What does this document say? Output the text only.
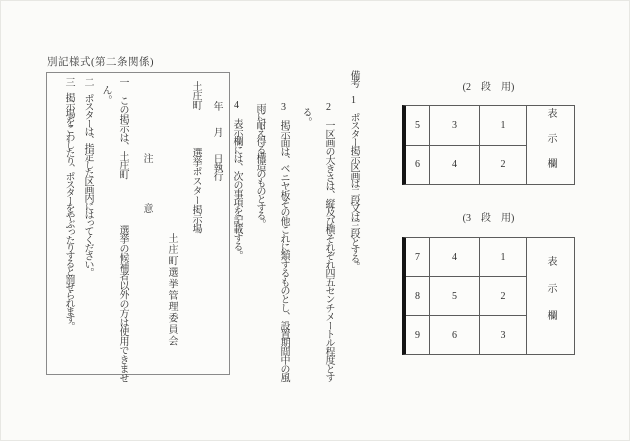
別記様式(第二条関係)
年　　月　　日執行
土庄町　　　　選挙ポスター掲示場
土庄町選挙管理委員会
注　　　　意
一　この掲示は、土庄町　　　　　選挙の候補者以外の方は使用できませ
ん。
二　ポスターは、指定した区画内にはってください。
三　掲示場をこわしたり、ポスターをやぶったりすると罰せられます。	備考　1　ポスター掲示区画は二段又は三段とする。
2　一区画の大きさは、縦及び横それぞれ四五センチメートル程度とす
る。
3　掲示面は、ベニヤ板その他これに類するものとし、設置期間中の風
雨に耐え得る構造のものとする。
4　表示欄には、次の事項を記載する。
(2　段　用)
5	3	1
6	4	2	表示欄
(3　段　用)
7	4	1
8	5	2
9	6	3	表示欄
